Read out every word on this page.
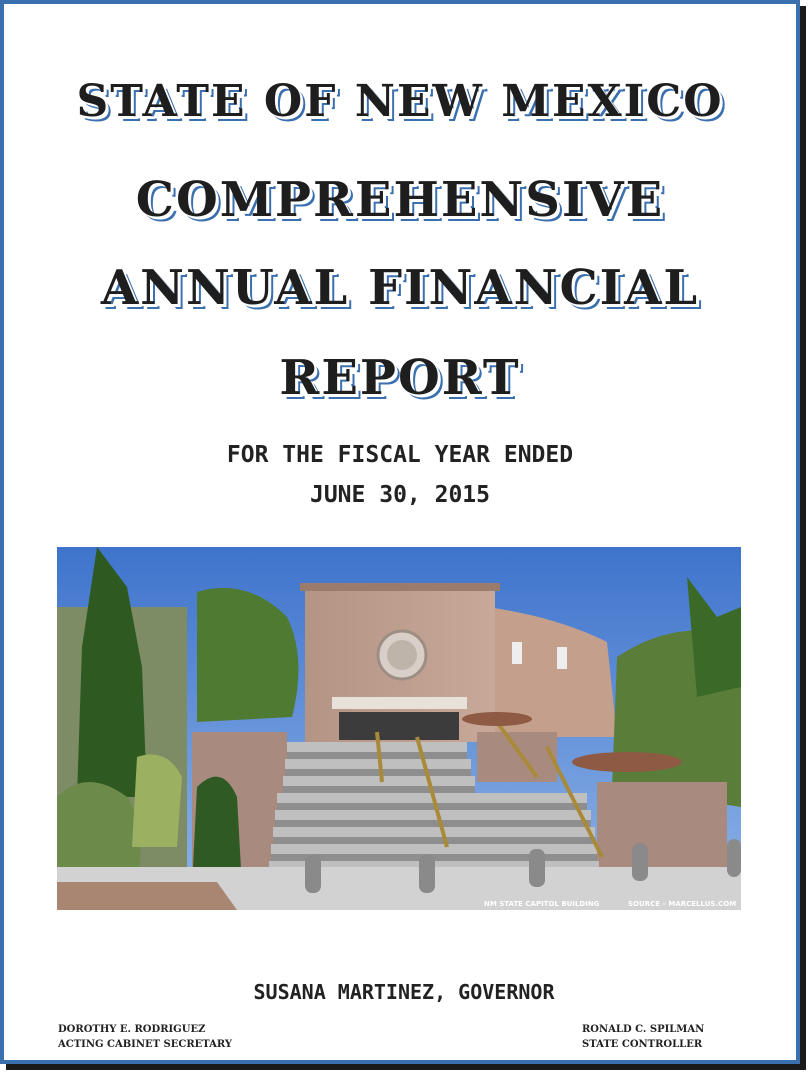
STATE OF NEW MEXICO
COMPREHENSIVE
ANNUAL FINANCIAL
REPORT
FOR THE FISCAL YEAR ENDED
JUNE 30, 2015
NM STATE CAPITOL BUILDING	SOURCE – MARCELLUS.COM
SUSANA MARTINEZ, GOVERNOR
DOROTHY E. RODRIGUEZ
ACTING CABINET SECRETARY
RONALD C. SPILMAN
STATE CONTROLLER
